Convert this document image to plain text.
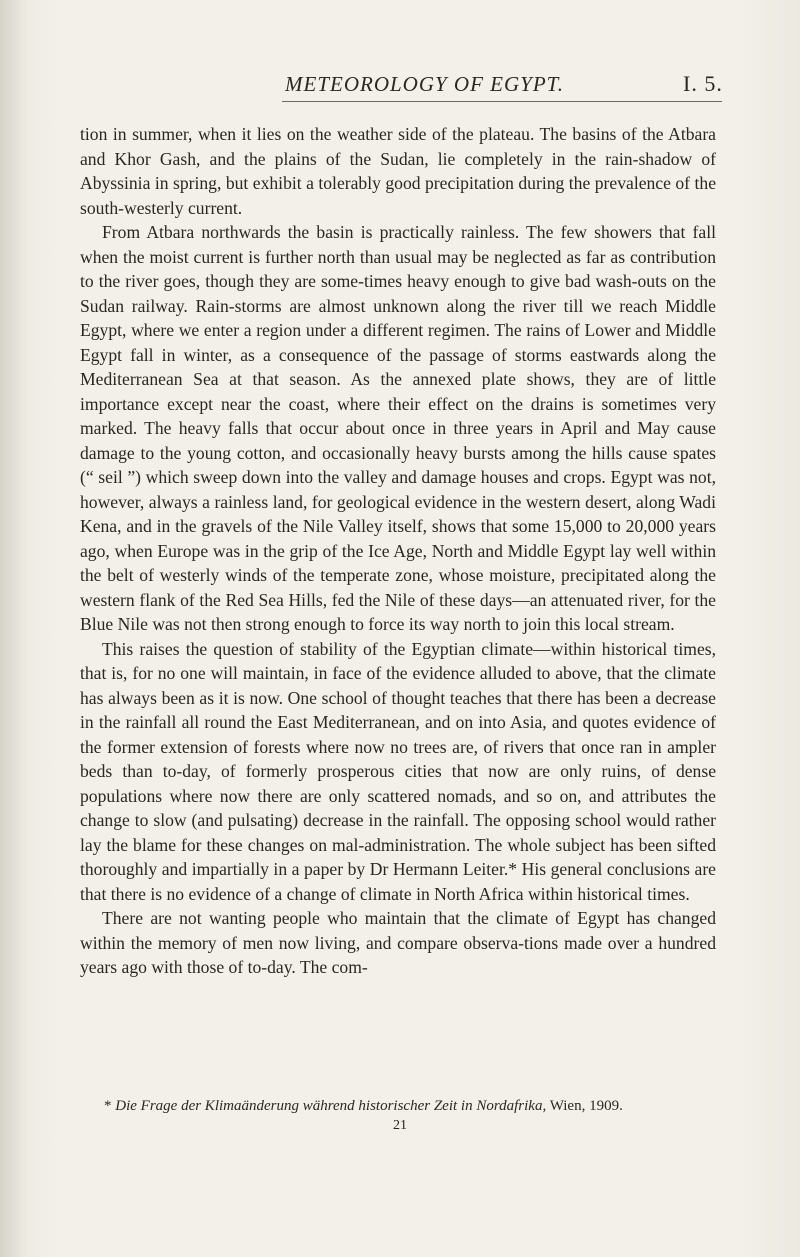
METEOROLOGY OF EGYPT.	I. 5.

tion in summer, when it lies on the weather side of the plateau. The basins of the Atbara and Khor Gash, and the plains of the Sudan, lie completely in the rain-shadow of Abyssinia in spring, but exhibit a tolerably good precipitation during the prevalence of the south-westerly current.

From Atbara northwards the basin is practically rainless. The few showers that fall when the moist current is further north than usual may be neglected as far as contribution to the river goes, though they are some-times heavy enough to give bad wash-outs on the Sudan railway. Rain-storms are almost unknown along the river till we reach Middle Egypt, where we enter a region under a different regimen. The rains of Lower and Middle Egypt fall in winter, as a consequence of the passage of storms eastwards along the Mediterranean Sea at that season. As the annexed plate shows, they are of little importance except near the coast, where their effect on the drains is sometimes very marked. The heavy falls that occur about once in three years in April and May cause damage to the young cotton, and occasionally heavy bursts among the hills cause spates (“ seil ”) which sweep down into the valley and damage houses and crops. Egypt was not, however, always a rainless land, for geological evidence in the western desert, along Wadi Kena, and in the gravels of the Nile Valley itself, shows that some 15,000 to 20,000 years ago, when Europe was in the grip of the Ice Age, North and Middle Egypt lay well within the belt of westerly winds of the temperate zone, whose moisture, precipitated along the western flank of the Red Sea Hills, fed the Nile of these days—an attenuated river, for the Blue Nile was not then strong enough to force its way north to join this local stream.

This raises the question of stability of the Egyptian climate—within historical times, that is, for no one will maintain, in face of the evidence alluded to above, that the climate has always been as it is now. One school of thought teaches that there has been a decrease in the rainfall all round the East Mediterranean, and on into Asia, and quotes evidence of the former extension of forests where now no trees are, of rivers that once ran in ampler beds than to-day, of formerly prosperous cities that now are only ruins, of dense populations where now there are only scattered nomads, and so on, and attributes the change to slow (and pulsating) decrease in the rainfall. The opposing school would rather lay the blame for these changes on mal-administration. The whole subject has been sifted thoroughly and impartially in a paper by Dr Hermann Leiter.* His general conclusions are that there is no evidence of a change of climate in North Africa within historical times.

There are not wanting people who maintain that the climate of Egypt has changed within the memory of men now living, and compare observa-tions made over a hundred years ago with those of to-day. The com-

* Die Frage der Klimaänderung während historischer Zeit in Nordafrika, Wien, 1909.
21
